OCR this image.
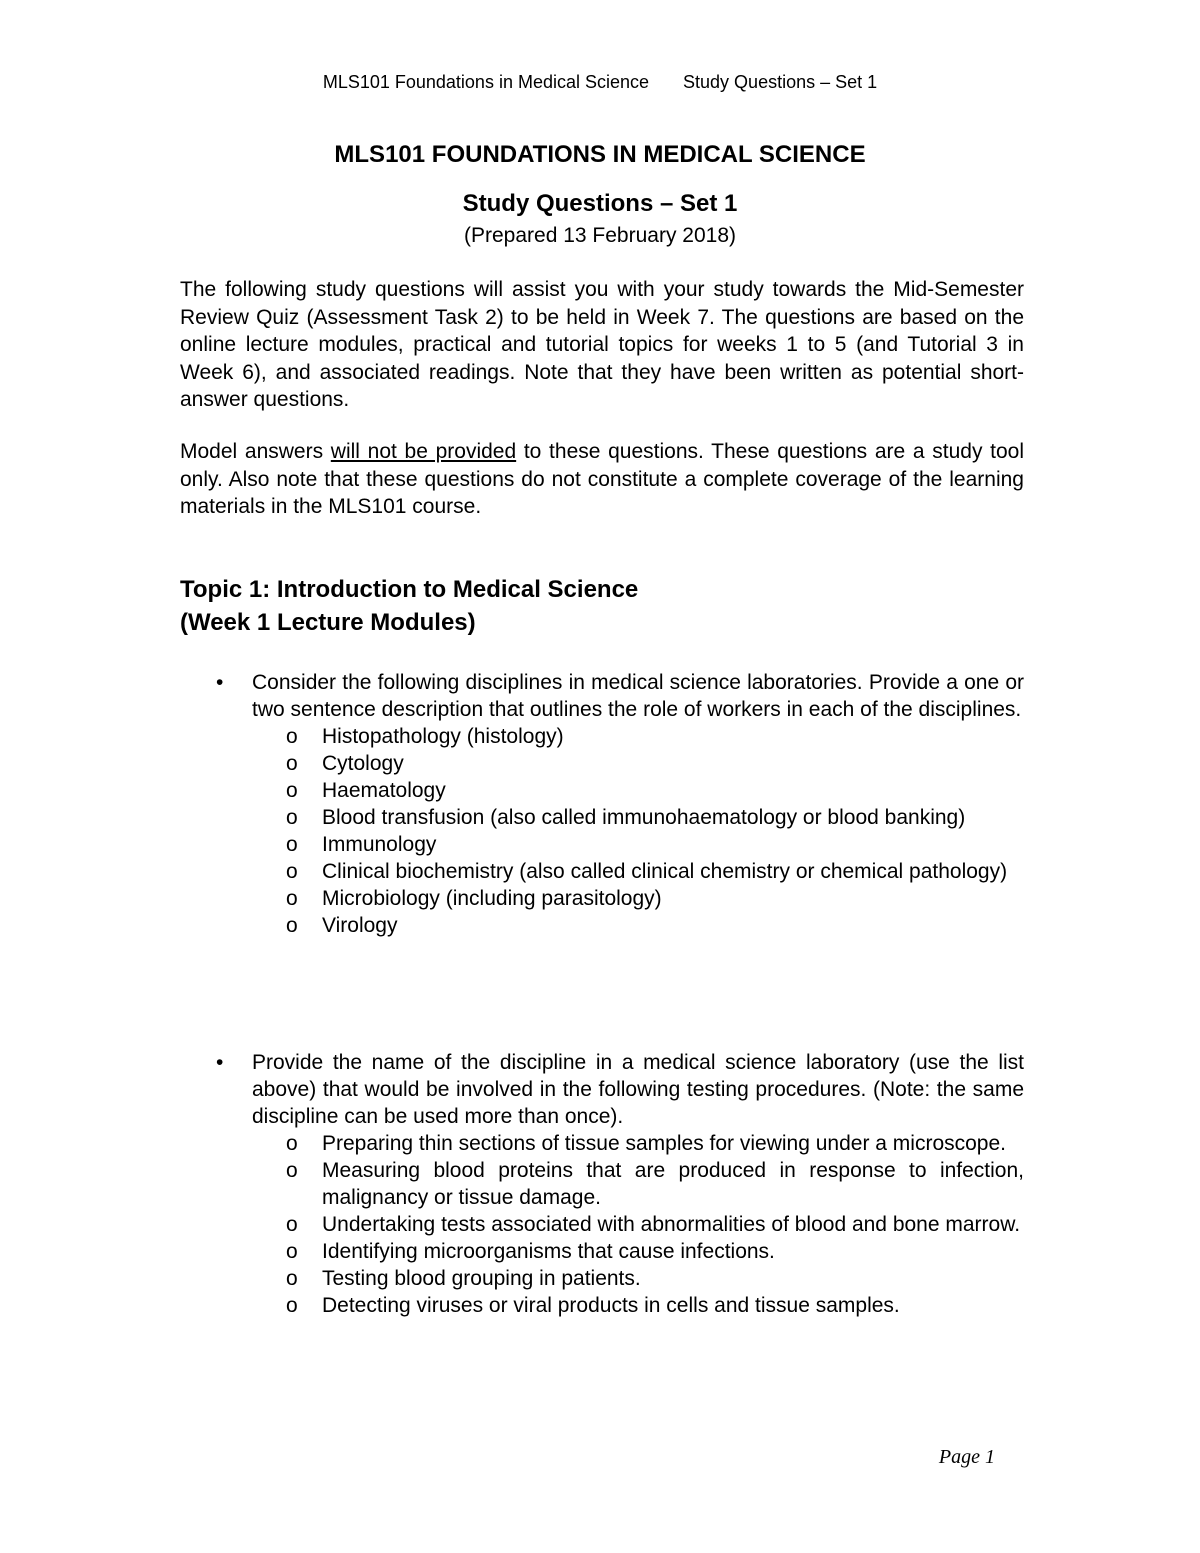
MLS101 Foundations in Medical Science Study Questions – Set 1
MLS101 FOUNDATIONS IN MEDICAL SCIENCE
Study Questions – Set 1
(Prepared 13 February 2018)

The following study questions will assist you with your study towards the Mid-Semester Review Quiz (Assessment Task 2) to be held in Week 7. The questions are based on the online lecture modules, practical and tutorial topics for weeks 1 to 5 (and Tutorial 3 in Week 6), and associated readings. Note that they have been written as potential short-answer questions.

Model answers will not be provided to these questions. These questions are a study tool only. Also note that these questions do not constitute a complete coverage of the learning materials in the MLS101 course.

Topic 1: Introduction to Medical Science
(Week 1 Lecture Modules)
•	Consider the following disciplines in medical science laboratories. Provide a one or two sentence description that outlines the role of workers in each of the disciplines.
o Histopathology (histology)
o Cytology
o Haematology
o Blood transfusion (also called immunohaematology or blood banking)
o Immunology
o Clinical biochemistry (also called clinical chemistry or chemical pathology)
o Microbiology (including parasitology)
o Virology
•	Provide the name of the discipline in a medical science laboratory (use the list above) that would be involved in the following testing procedures. (Note: the same discipline can be used more than once).
o Preparing thin sections of tissue samples for viewing under a microscope.
o Measuring blood proteins that are produced in response to infection, malignancy or tissue damage.
o Undertaking tests associated with abnormalities of blood and bone marrow.
o Identifying microorganisms that cause infections.
o Testing blood grouping in patients.
o Detecting viruses or viral products in cells and tissue samples.
Page 1
